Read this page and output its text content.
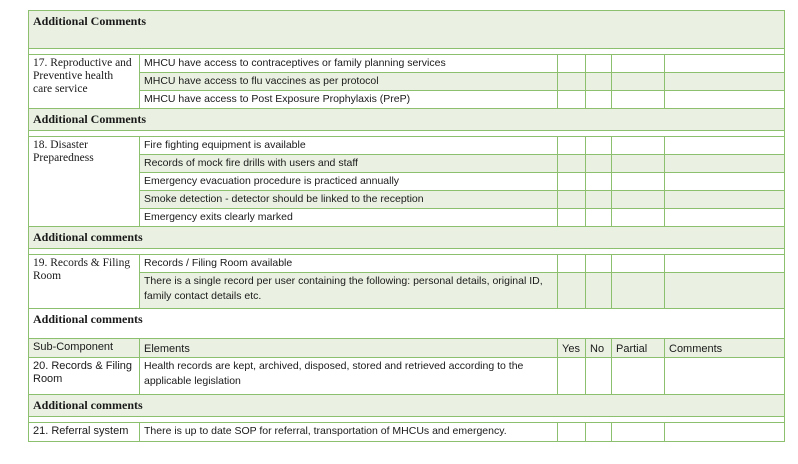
Additional Comments					

17. Reproductive and Preventive health care service	MHCU have access to contraceptives or family planning services				
	MHCU have access to flu vaccines as per protocol				
	MHCU have access to Post Exposure Prophylaxis (PreP)				
Additional Comments					

18. Disaster Preparedness	Fire fighting equipment is available				
	Records of mock fire drills with users and staff				
	Emergency evacuation procedure is practiced annually				
	Smoke detection - detector should be linked to the reception				
	Emergency exits clearly marked				
Additional comments					

19. Records & Filing Room	Records / Filing Room available				
	There is a single record per user containing the following: personal details, original ID, family contact details etc.				
Additional comments					
Sub-Component	Elements	Yes	No	Partial	Comments
20. Records & Filing Room	Health records are kept, archived, disposed, stored and retrieved according to the applicable legislation				
Additional comments					

21. Referral system	There is up to date SOP for referral, transportation of MHCUs and emergency.				
